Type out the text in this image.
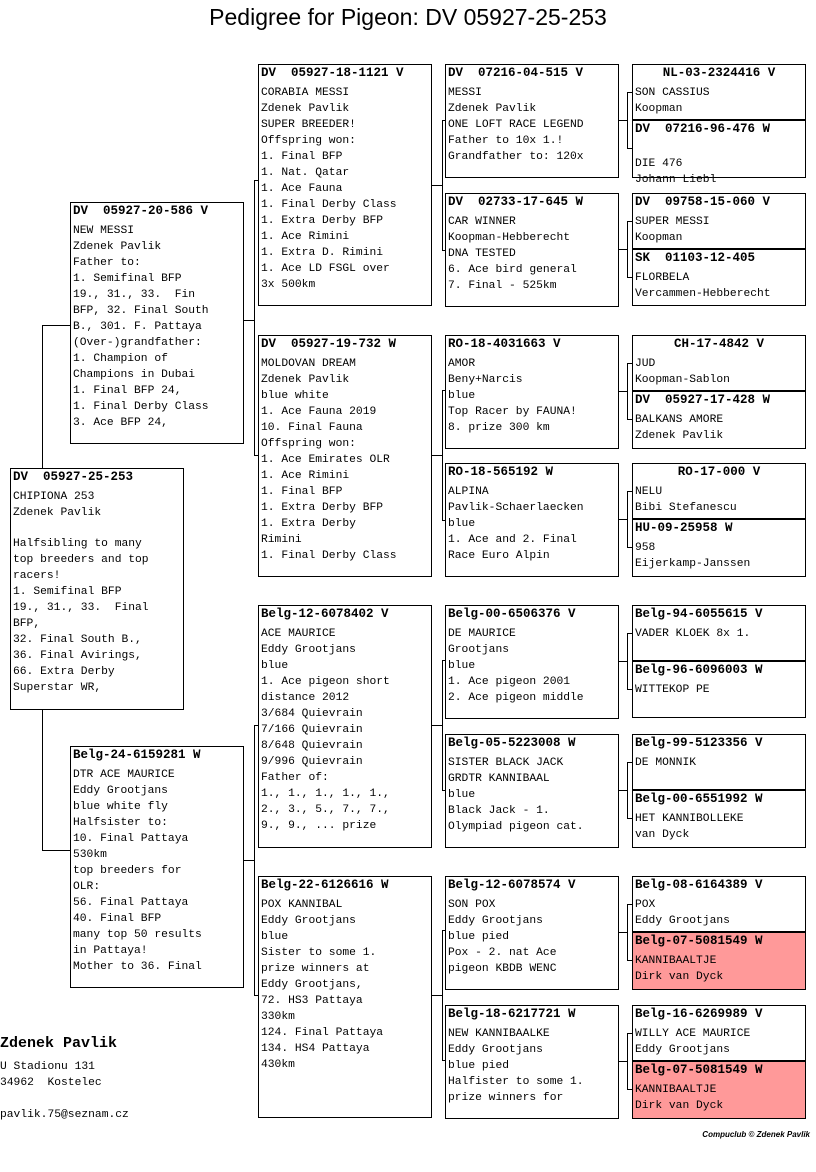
Pedigree for Pigeon: DV 05927-25-253
DV  05927-25-253
CHIPIONA 253
Zdenek Pavlik
Halfsibling to many
top breeders and top
racers!
1. Semifinal BFP
19., 31., 33.  Final
BFP,
32. Final South B.,
36. Final Avirings,
66. Extra Derby
Superstar WR,
DV  05927-20-586 V
NEW MESSI
Zdenek Pavlik
Father to:
1. Semifinal BFP
19., 31., 33.  Fin
BFP, 32. Final South
B., 301. F. Pattaya
(Over-)grandfather:
1. Champion of
Champions in Dubai
1. Final BFP 24,
1. Final Derby Class
3. Ace BFP 24,
Belg-24-6159281 W
DTR ACE MAURICE
Eddy Grootjans
blue white fly
Halfsister to:
10. Final Pattaya
530km
top breeders for
OLR:
56. Final Pattaya
40. Final BFP
many top 50 results
in Pattaya!
Mother to 36. Final
DV  05927-18-1121 V
CORABIA MESSI
Zdenek Pavlik
SUPER BREEDER!
Offspring won:
1. Final BFP
1. Nat. Qatar
1. Ace Fauna
1. Final Derby Class
1. Extra Derby BFP
1. Ace Rimini
1. Extra D. Rimini
1. Ace LD FSGL over
3x 500km
DV  05927-19-732 W
MOLDOVAN DREAM
Zdenek Pavlik
blue white
1. Ace Fauna 2019
10. Final Fauna
Offspring won:
1. Ace Emirates OLR
1. Ace Rimini
1. Final BFP
1. Extra Derby BFP
1. Extra Derby
Rimini
1. Final Derby Class
Belg-12-6078402 V
ACE MAURICE
Eddy Grootjans
blue
1. Ace pigeon short
distance 2012
3/684 Quievrain
7/166 Quievrain
8/648 Quievrain
9/996 Quievrain
Father of:
1., 1., 1., 1., 1.,
2., 3., 5., 7., 7.,
9., 9., ... prize
Belg-22-6126616 W
POX KANNIBAL
Eddy Grootjans
blue
Sister to some 1.
prize winners at
Eddy Grootjans,
72. HS3 Pattaya
330km
124. Final Pattaya
134. HS4 Pattaya
430km
DV  07216-04-515 V
MESSI
Zdenek Pavlik
ONE LOFT RACE LEGEND
Father to 10x 1.!
Grandfather to: 120x
DV  02733-17-645 W
CAR WINNER
Koopman-Hebberecht
DNA TESTED
6. Ace bird general
7. Final - 525km
RO-18-4031663 V
AMOR
Beny+Narcis
blue
Top Racer by FAUNA!
8. prize 300 km
RO-18-565192 W
ALPINA
Pavlik-Schaerlaecken
blue
1. Ace and 2. Final
Race Euro Alpin
Belg-00-6506376 V
DE MAURICE
Grootjans
blue
1. Ace pigeon 2001
2. Ace pigeon middle
Belg-05-5223008 W
SISTER BLACK JACK
GRDTR KANNIBAAL
blue
Black Jack - 1.
Olympiad pigeon cat.
Belg-12-6078574 V
SON POX
Eddy Grootjans
blue pied
Pox - 2. nat Ace
pigeon KBDB WENC
Belg-18-6217721 W
NEW KANNIBAALKE
Eddy Grootjans
blue pied
Halfister to some 1.
prize winners for
NL-03-2324416 V
SON CASSIUS
Koopman
DV  07216-96-476 W
DIE 476
Johann Liebl
DV  09758-15-060 V
SUPER MESSI
Koopman
SK  01103-12-405
FLORBELA
Vercammen-Hebberecht
CH-17-4842 V
JUD
Koopman-Sablon
DV  05927-17-428 W
BALKANS AMORE
Zdenek Pavlik
RO-17-000 V
NELU
Bibi Stefanescu
HU-09-25958 W
958
Eijerkamp-Janssen
Belg-94-6055615 V
VADER KLOEK 8x 1.
Belg-96-6096003 W
WITTEKOP PE
Belg-99-5123356 V
DE MONNIK
Belg-00-6551992 W
HET KANNIBOLLEKE
van Dyck
Belg-08-6164389 V
POX
Eddy Grootjans
Belg-07-5081549 W
KANNIBAALTJE
Dirk van Dyck
Belg-16-6269989 V
WILLY ACE MAURICE
Eddy Grootjans
Belg-07-5081549 W
KANNIBAALTJE
Dirk van Dyck
Zdenek Pavlik
U Stadionu 131
34962  Kostelec
pavlik.75@seznam.cz
Compuclub © Zdenek Pavlik
